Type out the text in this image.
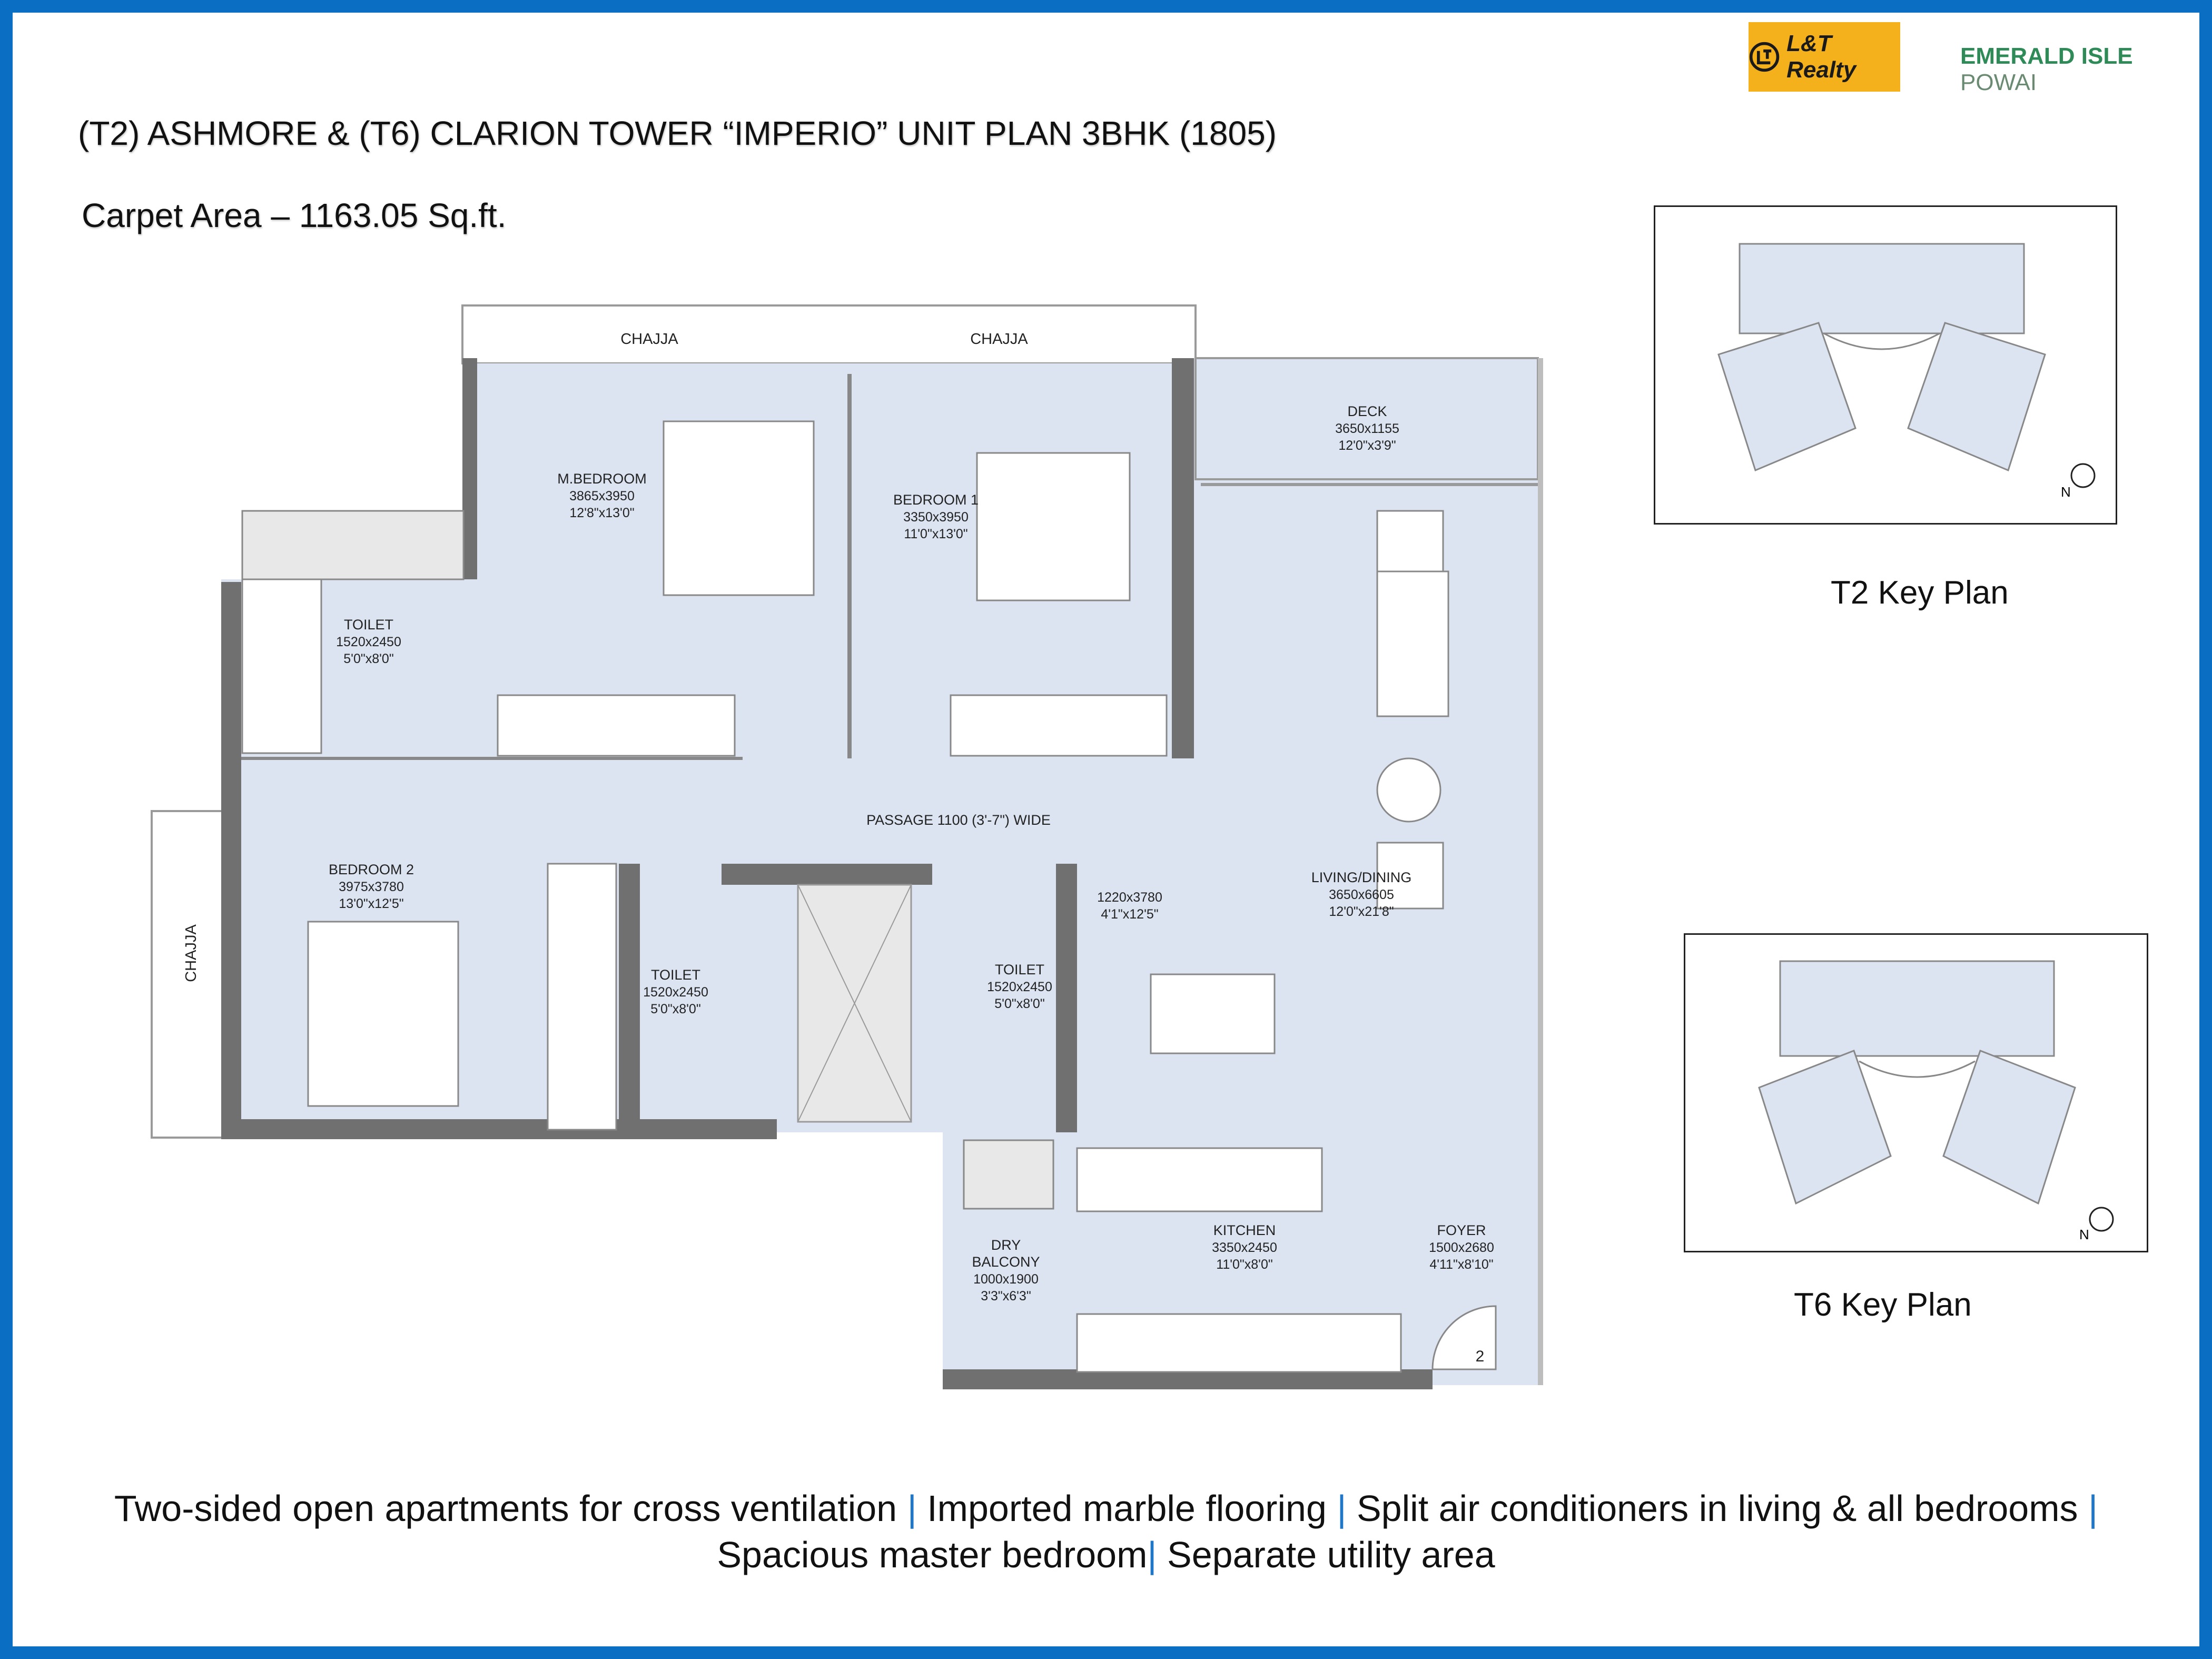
L&T Realty
EMERALD ISLE POWAI
(T2) ASHMORE & (T6) CLARION TOWER “IMPERIO” UNIT PLAN 3BHK (1805)
Carpet Area – 1163.05 Sq.ft.
CHAJJA	CHAJJA
CHAJJA
DECK
3650x1155
12'0"x3'9"
M.BEDROOM
3865x3950
12'8"x13'0"
BEDROOM 1
3350x3950
11'0"x13'0"
TOILET
1520x2450
5'0"x8'0"
PASSAGE 1100 (3'-7") WIDE
BEDROOM 2
3975x3780
13'0"x12'5"
TOILET
1520x2450
5'0"x8'0"
TOILET
1520x2450
5'0"x8'0"
1220x3780
4'1"x12'5"
LIVING/DINING
3650x6605
12'0"x21'8"
KITCHEN
3350x2450
11'0"x8'0"
DRY
BALCONY
1000x1900
3'3"x6'3"
FOYER
1500x2680
4'11"x8'10"
2
N
T2 Key Plan
N
T6 Key Plan
Two-sided open apartments for cross ventilation | Imported marble flooring | Split air conditioners in living & all bedrooms |
Spacious master bedroom| Separate utility area
